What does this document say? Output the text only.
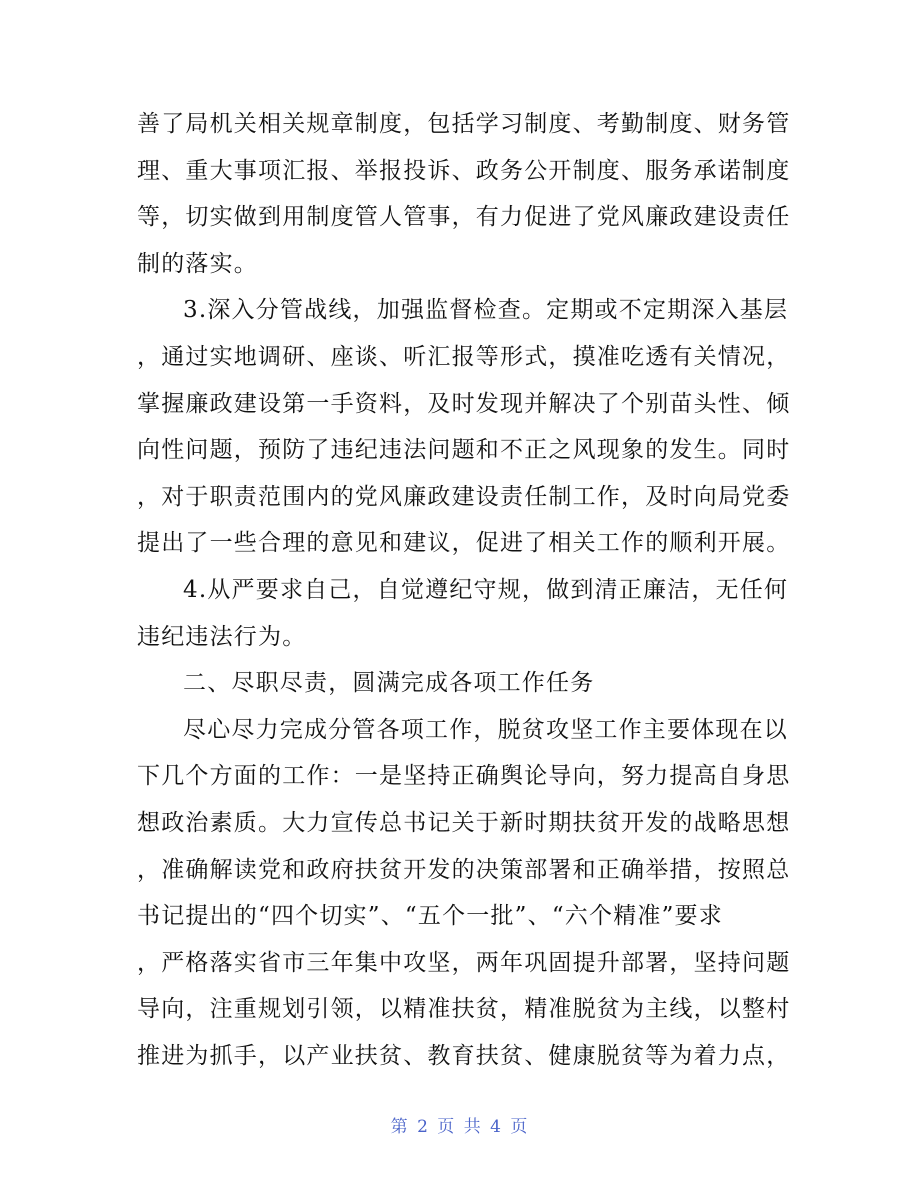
善了局机关相关规章制度，包括学习制度、考勤制度、财务管
理、重大事项汇报、举报投诉、政务公开制度、服务承诺制度
等，切实做到用制度管人管事，有力促进了党风廉政建设责任
制的落实。
3.深入分管战线，加强监督检查。定期或不定期深入基层
，通过实地调研、座谈、听汇报等形式，摸准吃透有关情况，
掌握廉政建设第一手资料，及时发现并解决了个别苗头性、倾
向性问题，预防了违纪违法问题和不正之风现象的发生。同时
，对于职责范围内的党风廉政建设责任制工作，及时向局党委
提出了一些合理的意见和建议，促进了相关工作的顺利开展。
4.从严要求自己，自觉遵纪守规，做到清正廉洁，无任何
违纪违法行为。
二、尽职尽责，圆满完成各项工作任务
尽心尽力完成分管各项工作，脱贫攻坚工作主要体现在以
下几个方面的工作：一是坚持正确舆论导向，努力提高自身思
想政治素质。大力宣传总书记关于新时期扶贫开发的战略思想
，准确解读党和政府扶贫开发的决策部署和正确举措，按照总
书记提出的“四个切实”、“五个一批”、“六个精准”要求
，严格落实省市三年集中攻坚，两年巩固提升部署，坚持问题
导向，注重规划引领，以精准扶贫，精准脱贫为主线，以整村
推进为抓手，以产业扶贫、教育扶贫、健康脱贫等为着力点，
第 2 页 共 4 页
